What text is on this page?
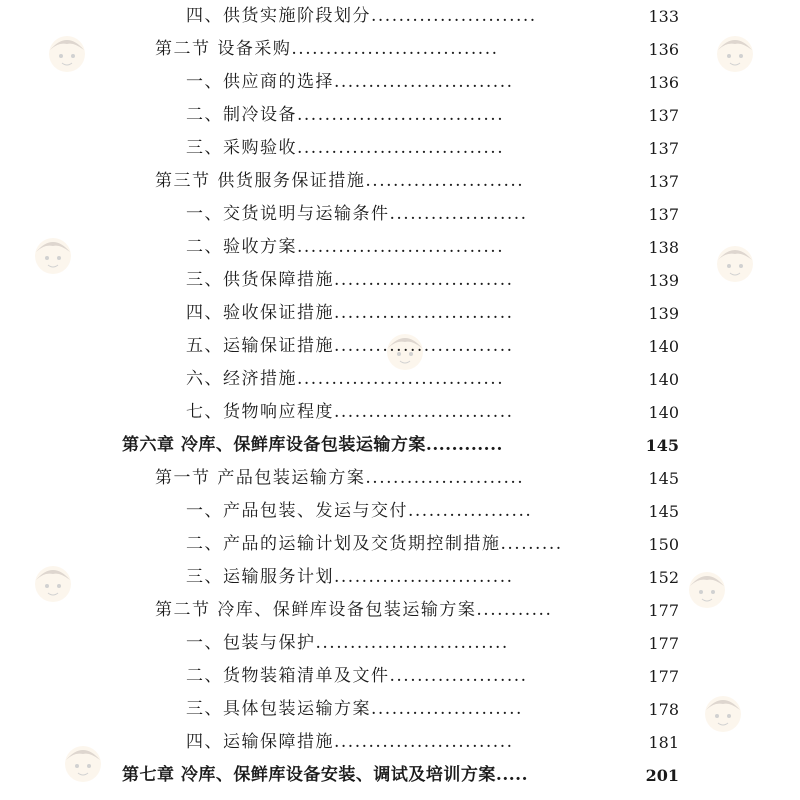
四、供货实施阶段划分........................	133
第二节 设备采购..............................	136
一、供应商的选择..........................	136
二、制冷设备..............................	137
三、采购验收..............................	137
第三节 供货服务保证措施.......................	137
一、交货说明与运输条件....................	137
二、验收方案..............................	138
三、供货保障措施..........................	139
四、验收保证措施..........................	139
五、运输保证措施..........................	140
六、经济措施..............................	140
七、货物响应程度..........................	140
第六章 冷库、保鲜库设备包装运输方案............	145
第一节 产品包装运输方案.......................	145
一、产品包装、发运与交付..................	145
二、产品的运输计划及交货期控制措施.........	150
三、运输服务计划..........................	152
第二节 冷库、保鲜库设备包装运输方案...........	177
一、包装与保护............................	177
二、货物装箱清单及文件....................	177
三、具体包装运输方案......................	178
四、运输保障措施..........................	181
第七章 冷库、保鲜库设备安装、调试及培训方案.....	201
